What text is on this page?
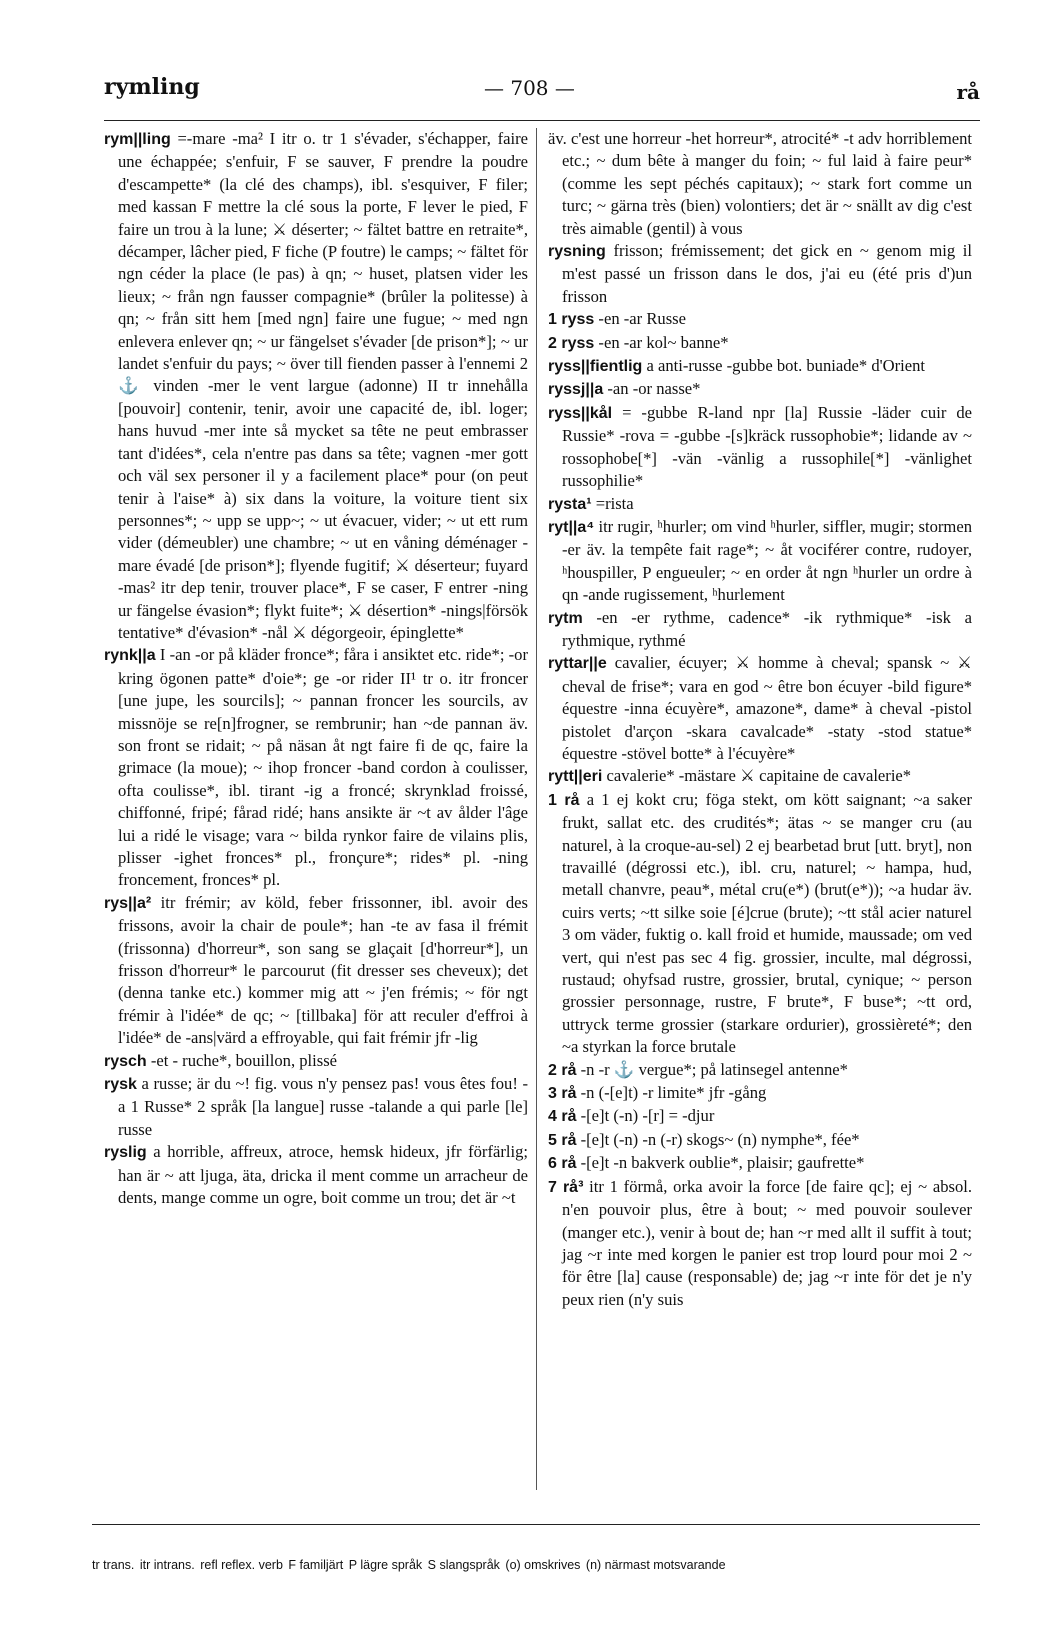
rymling	— 708 —	rå
rym||ling =-mare -ma² I itr o. tr 1 s'évader, s'échapper, faire une échappée; s'enfuir, F se sauver, F prendre la poudre d'escampette* (la clé des champs), ibl. s'esquiver, F filer; med kassan F mettre la clé sous la porte, F lever le pied, F faire un trou à la lune; ⚔ déserter; ~ fältet battre en retraite*, décamper, lâcher pied, F fiche (P foutre) le camps; ~ fältet för ngn céder la place (le pas) à qn; ~ huset, platsen vider les lieux; ~ från ngn fausser compagnie* (brûler la politesse) à qn; ~ från sitt hem [med ngn] faire une fugue; ~ med ngn enlevera enlever qn; ~ ur fängelset s'évader [de prison*]; ~ ur landet s'enfuir du pays; ~ över till fienden passer à l'ennemi 2 ⚓ vinden -mer le vent largue (adonne) II tr innehålla [pouvoir] contenir, tenir, avoir une capacité de, ibl. loger; hans huvud -mer inte så mycket sa tête ne peut embrasser tant d'idées*, cela n'entre pas dans sa tête; vagnen -mer gott och väl sex personer il y a facilement place* pour (on peut tenir à l'aise* à) six dans la voiture, la voiture tient six personnes*; ~ upp se upp~; ~ ut évacuer, vider; ~ ut ett rum vider (démeubler) une chambre; ~ ut en våning déménager -mare évadé [de prison*]; flyende fugitif; ⚔ déserteur; fuyard -mas² itr dep tenir, trouver place*, F se caser, F entrer -ning ur fängelse évasion*; flykt fuite*; ⚔ désertion* -nings|försök tentative* d'évasion* -nål ⚔ dégorgeoir, épinglette*
rynk||a I -an -or på kläder fronce*; fåra i ansiktet etc. ride*; -or kring ögonen patte* d'oie*; ge -or rider II¹ tr o. itr froncer [une jupe, les sourcils]; ~ pannan froncer les sourcils, av missnöje se re[n]frogner, se rembrunir; han ~de pannan äv. son front se ridait; ~ på näsan åt ngt faire fi de qc, faire la grimace (la moue); ~ ihop froncer -band cordon à coulisser, ofta coulisse*, ibl. tirant -ig a froncé; skrynklad froissé, chiffonné, fripé; fårad ridé; hans ansikte är ~t av ålder l'âge lui a ridé le visage; vara ~ bilda rynkor faire de vilains plis, plisser -ighet fronces* pl., fronçure*; rides* pl. -ning froncement, fronces* pl.
rys||a² itr frémir; av köld, feber frissonner, ibl. avoir des frissons, avoir la chair de poule*; han -te av fasa il frémit (frissonna) d'horreur*, son sang se glaçait [d'horreur*], un frisson d'horreur* le parcourut (fit dresser ses cheveux); det (denna tanke etc.) kommer mig att ~ j'en frémis; ~ för ngt frémir à l'idée* de qc; ~ [tillbaka] för att reculer d'effroi à l'idée* de -ans|värd a effroyable, qui fait frémir jfr -lig
rysch -et - ruche*, bouillon, plissé
rysk a russe; är du ~! fig. vous n'y pensez pas! vous êtes fou! -a 1 Russe* 2 språk [la langue] russe -talande a qui parle [le] russe
ryslig a horrible, affreux, atroce, hemsk hideux, jfr förfärlig; han är ~ att ljuga, äta, dricka il ment comme un arracheur de dents, mange comme un ogre, boit comme un trou; det är ~t
äv. c'est une horreur -het horreur*, atrocité* -t adv horriblement etc.; ~ dum bête à manger du foin; ~ ful laid à faire peur* (comme les sept péchés capitaux); ~ stark fort comme un turc; ~ gärna très (bien) volontiers; det är ~ snällt av dig c'est très aimable (gentil) à vous
rysning frisson; frémissement; det gick en ~ genom mig il m'est passé un frisson dans le dos, j'ai eu (été pris d')un frisson
1 ryss -en -ar Russe
2 ryss -en -ar kol~ banne*
ryss||fientlig a anti-russe -gubbe bot. buniade* d'Orient
ryssj||a -an -or nasse*
ryss||kål = -gubbe R-land npr [la] Russie -läder cuir de Russie* -rova = -gubbe -[s]kräck russophobie*; lidande av ~ rossophobe[*] -vän -vänlig a russophile[*] -vänlighet russophilie*
rysta¹ =rista
ryt||a⁴ itr rugir, ʰhurler; om vind ʰhurler, siffler, mugir; stormen -er äv. la tempête fait rage*; ~ åt vociférer contre, rudoyer, ʰhouspiller, P engueuler; ~ en order åt ngn ʰhurler un ordre à qn -ande rugissement, ʰhurlement
rytm -en -er rythme, cadence* -ik rythmique* -isk a rythmique, rythmé
ryttar||e cavalier, écuyer; ⚔ homme à cheval; spansk ~ ⚔ cheval de frise*; vara en god ~ être bon écuyer -bild figure* équestre -inna écuyère*, amazone*, dame* à cheval -pistol pistolet d'arçon -skara cavalcade* -staty -stod statue* équestre -stövel botte* à l'écuyère*
rytt||eri cavalerie* -mästare ⚔ capitaine de cavalerie*
1 rå a 1 ej kokt cru; föga stekt, om kött saignant; ~a saker frukt, sallat etc. des crudités*; ätas ~ se manger cru (au naturel, à la croque-au-sel) 2 ej bearbetad brut [utt. bryt], non travaillé (dégrossi etc.), ibl. cru, naturel; ~ hampa, hud, metall chanvre, peau*, métal cru(e*) (brut(e*)); ~a hudar äv. cuirs verts; ~tt silke soie [é]crue (brute); ~tt stål acier naturel 3 om väder, fuktig o. kall froid et humide, maussade; om ved vert, qui n'est pas sec 4 fig. grossier, inculte, mal dégrossi, rustaud; ohyfsad rustre, grossier, brutal, cynique; ~ person grossier personnage, rustre, F brute*, F buse*; ~tt ord, uttryck terme grossier (starkare ordurier), grossièreté*; den ~a styrkan la force brutale
2 rå -n -r ⚓ vergue*; på latinsegel antenne*
3 rå -n (-[e]t) -r limite* jfr -gång
4 rå -[e]t (-n) -[r] = -djur
5 rå -[e]t (-n) -n (-r) skogs~ (n) nymphe*, fée*
6 rå -[e]t -n bakverk oublie*, plaisir; gaufrette*
7 rå³ itr 1 förmå, orka avoir la force [de faire qc]; ej ~ absol. n'en pouvoir plus, être à bout; ~ med pouvoir soulever (manger etc.), venir à bout de; han ~r med allt il suffit à tout; jag ~r inte med korgen le panier est trop lourd pour moi 2 ~ för être [la] cause (responsable) de; jag ~r inte för det je n'y peux rien (n'y suis
tr trans. itr intrans. refl reflex. verb F familjärt P lägre språk S slangspråk (o) omskrives (n) närmast motsvarande
